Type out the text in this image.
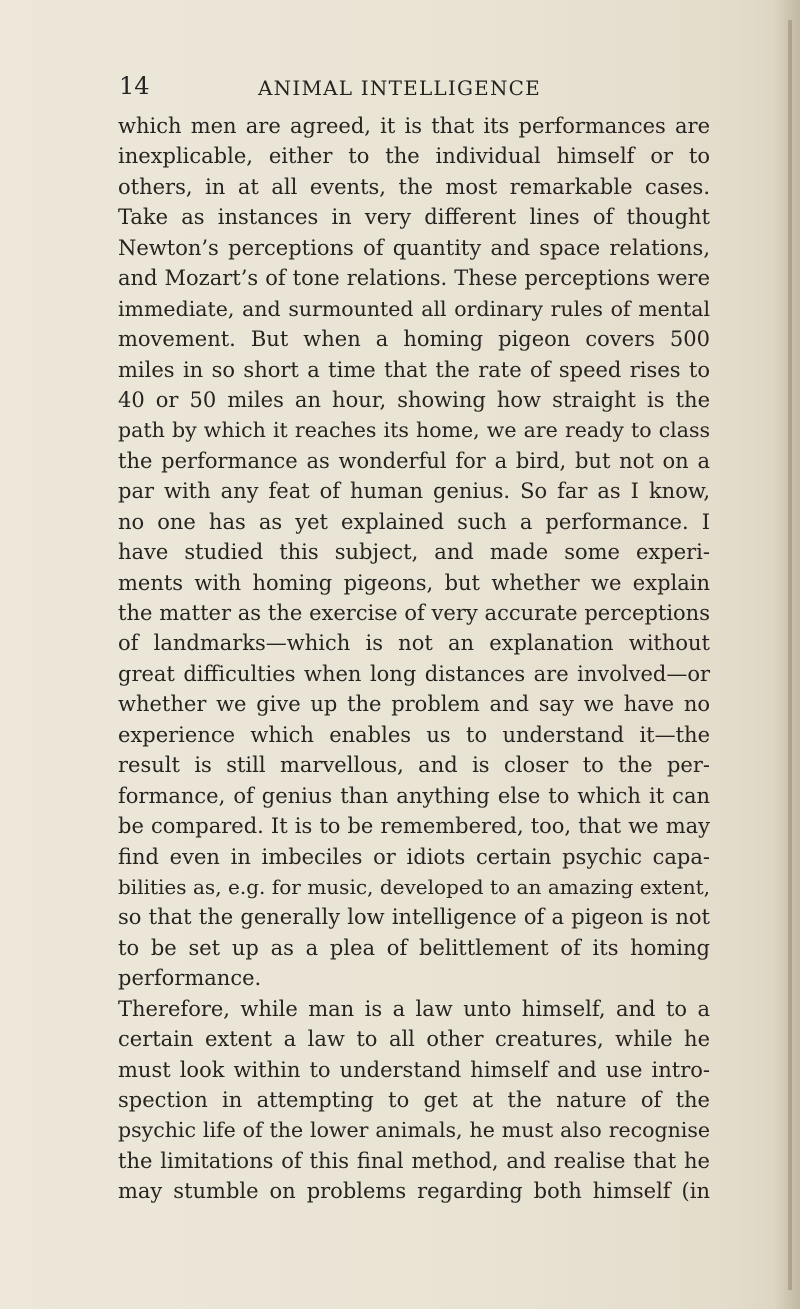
14	ANIMAL INTELLIGENCE
which men are agreed, it is that its performances are
inexplicable, either to the individual himself or to
others, in at all events, the most remarkable cases.
Take as instances in very different lines of thought
Newton’s perceptions of quantity and space relations,
and Mozart’s of tone relations. These perceptions were
immediate, and surmounted all ordinary rules of mental
movement. But when a homing pigeon covers 500
miles in so short a time that the rate of speed rises to
40 or 50 miles an hour, showing how straight is the
path by which it reaches its home, we are ready to class
the performance as wonderful for a bird, but not on a
par with any feat of human genius. So far as I know,
no one has as yet explained such a performance. I
have studied this subject, and made some experi-
ments with homing pigeons, but whether we explain
the matter as the exercise of very accurate perceptions
of landmarks—which is not an explanation without
great difficulties when long distances are involved—or
whether we give up the problem and say we have no
experience which enables us to understand it—the
result is still marvellous, and is closer to the per-
formance, of genius than anything else to which it can
be compared. It is to be remembered, too, that we may
find even in imbeciles or idiots certain psychic capa-
bilities as, e.g. for music, developed to an amazing extent,
so that the generally low intelligence of a pigeon is not
to be set up as a plea of belittlement of its homing
performance.
Therefore, while man is a law unto himself, and to a
certain extent a law to all other creatures, while he
must look within to understand himself and use intro-
spection in attempting to get at the nature of the
psychic life of the lower animals, he must also recognise
the limitations of this final method, and realise that he
may stumble on problems regarding both himself (in
